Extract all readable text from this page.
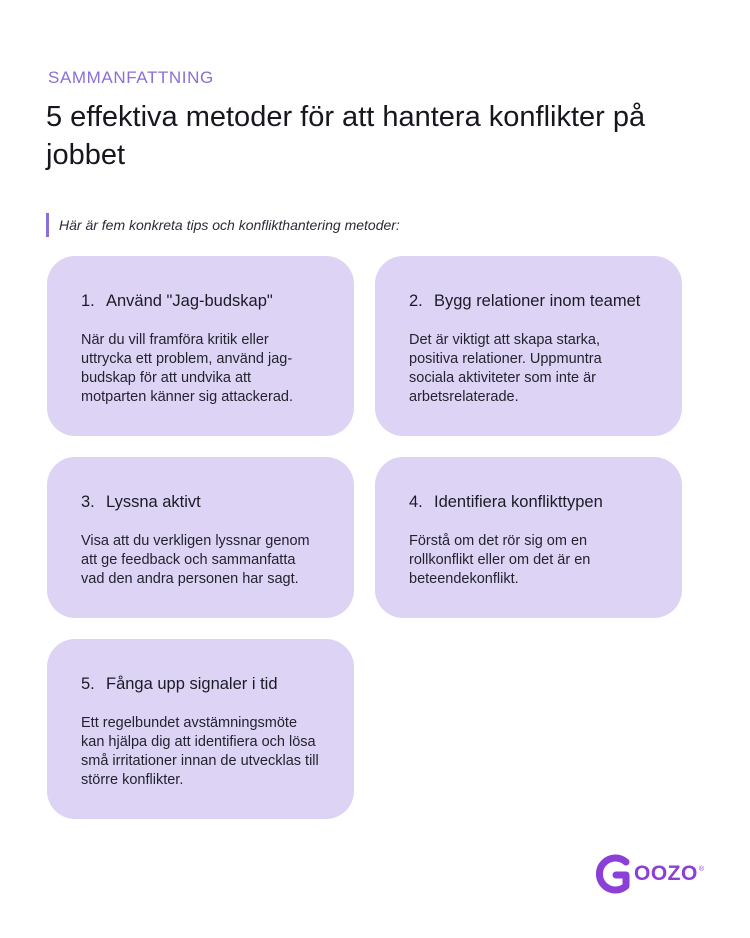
SAMMANFATTNING
5 effektiva metoder för att hantera konflikter på jobbet
Här är fem konkreta tips och konflikthantering metoder:
1. Använd "Jag-budskap"

När du vill framföra kritik eller uttrycka ett problem, använd jag-budskap för att undvika att motparten känner sig attackerad.

2. Bygg relationer inom teamet

Det är viktigt att skapa starka, positiva relationer. Uppmuntra sociala aktiviteter som inte är arbetsrelaterade.

3. Lyssna aktivt

Visa att du verkligen lyssnar genom att ge feedback och sammanfatta vad den andra personen har sagt.

4. Identifiera konflikttypen

Förstå om det rör sig om en rollkonflikt eller om det är en beteendekonflikt.

5. Fånga upp signaler i tid

Ett regelbundet avstämningsmöte kan hjälpa dig att identifiera och lösa små irritationer innan de utvecklas till större konflikter.

OOZO ®
